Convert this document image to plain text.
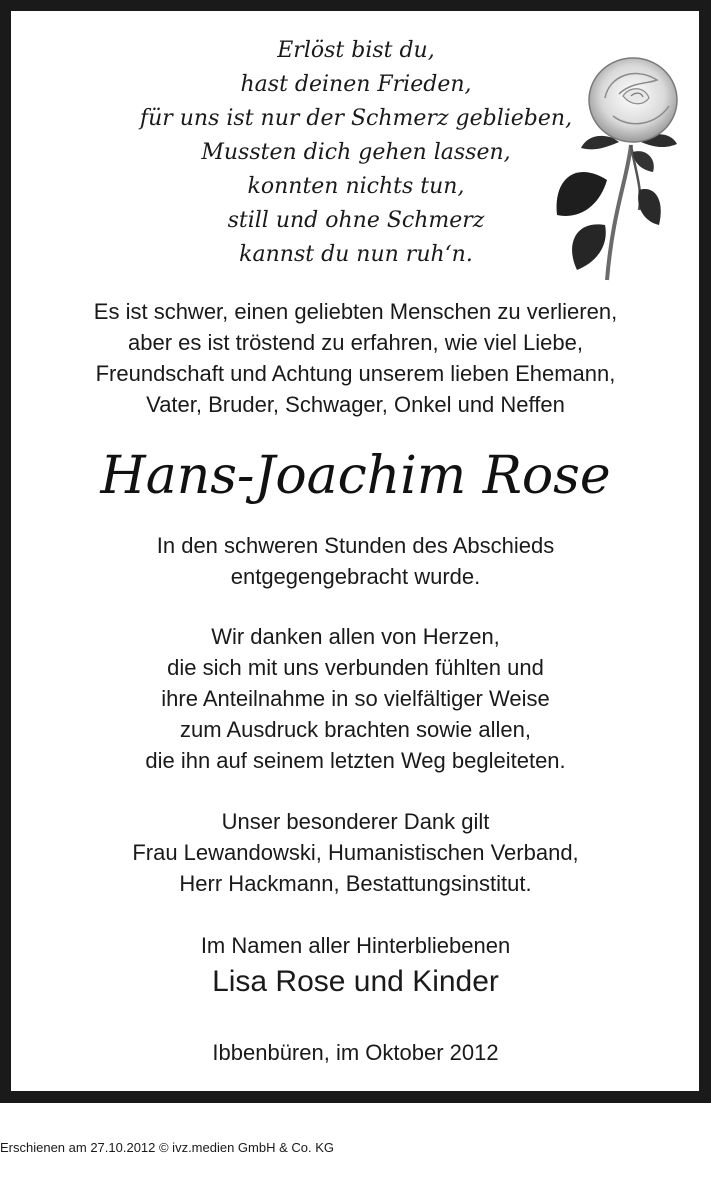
Erlöst bist du,
hast deinen Frieden,
für uns ist nur der Schmerz geblieben,
Mussten dich gehen lassen,
konnten nichts tun,
still und ohne Schmerz
kannst du nun ruh‘n.
Es ist schwer, einen geliebten Menschen zu verlieren,
aber es ist tröstend zu erfahren, wie viel Liebe,
Freundschaft und Achtung unserem lieben Ehemann,
Vater, Bruder, Schwager, Onkel und Neffen
Hans-Joachim Rose
In den schweren Stunden des Abschieds
entgegengebracht wurde.
Wir danken allen von Herzen,
die sich mit uns verbunden fühlten und
ihre Anteilnahme in so vielfältiger Weise
zum Ausdruck brachten sowie allen,
die ihn auf seinem letzten Weg begleiteten.
Unser besonderer Dank gilt
Frau Lewandowski, Humanistischen Verband,
Herr Hackmann, Bestattungsinstitut.
Im Namen aller Hinterbliebenen
Lisa Rose und Kinder
Ibbenbüren, im Oktober 2012
Erschienen am 27.10.2012 © ivz.medien GmbH & Co. KG
